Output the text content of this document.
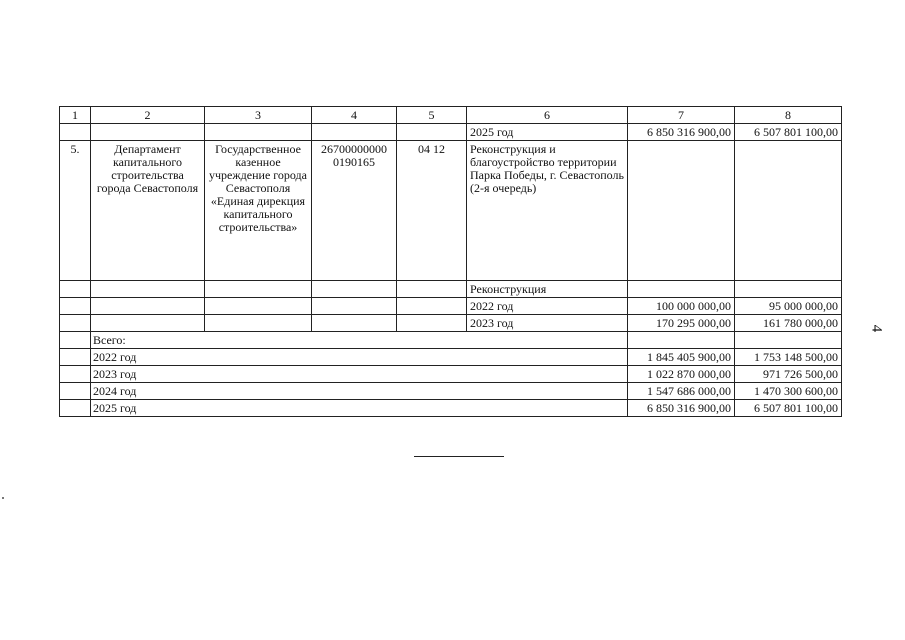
1	2	3	4	5	6	7	8
					2025 год	6 850 316 900,00	6 507 801 100,00
5.	Департамент капитального строительства города Севастополя	Государственное казенное учреждение города Севастополя «Единая дирекция капитального строительства»	26700000000 0190165	04 12	Реконструкция и благоустройство территории Парка Победы, г. Севастополь (2-я очередь)		
					Реконструкция		
					2022 год	100 000 000,00	95 000 000,00
					2023 год	170 295 000,00	161 780 000,00
	Всего:						
	2022 год					1 845 405 900,00	1 753 148 500,00
	2023 год					1 022 870 000,00	971 726 500,00
	2024 год					1 547 686 000,00	1 470 300 600,00
	2025 год					6 850 316 900,00	6 507 801 100,00
4
